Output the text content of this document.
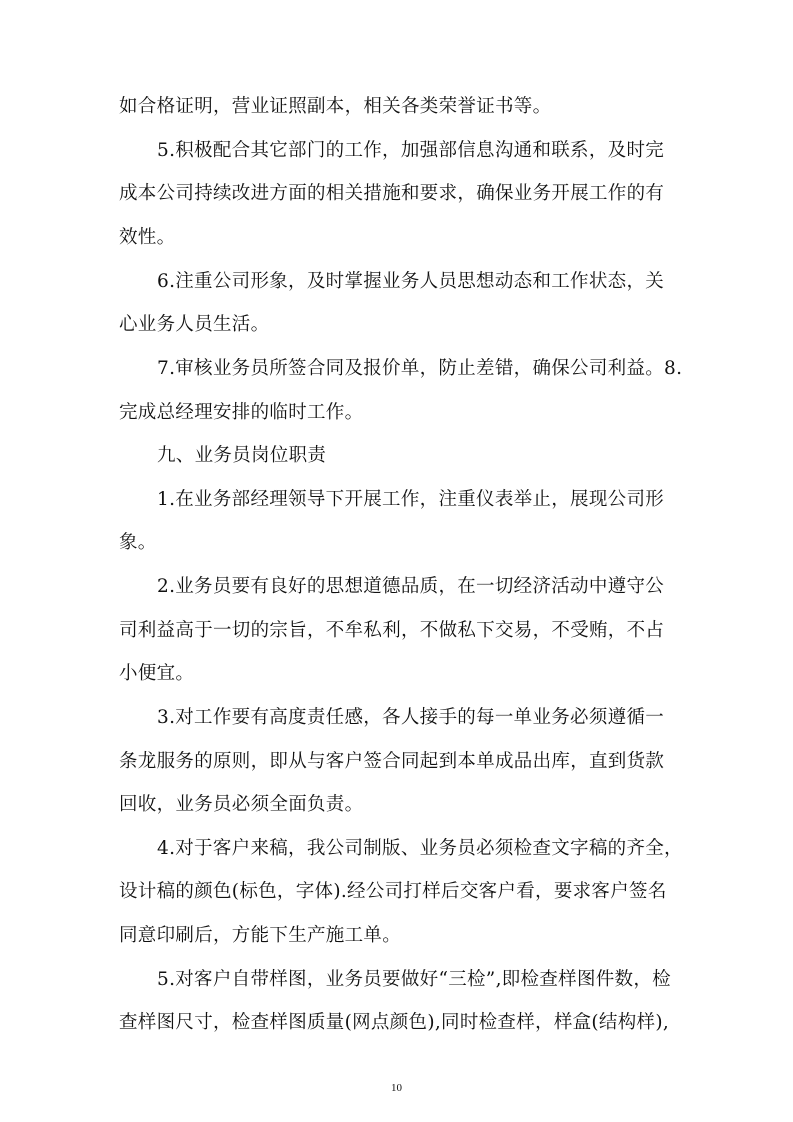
如合格证明，营业证照副本，相关各类荣誉证书等。
5.积极配合其它部门的工作，加强部信息沟通和联系，及时完
成本公司持续改进方面的相关措施和要求，确保业务开展工作的有
效性。
6.注重公司形象，及时掌握业务人员思想动态和工作状态，关
心业务人员生活。
7.审核业务员所签合同及报价单，防止差错，确保公司利益。8.
完成总经理安排的临时工作。
九、业务员岗位职责
1.在业务部经理领导下开展工作，注重仪表举止，展现公司形
象。
2.业务员要有良好的思想道德品质，在一切经济活动中遵守公
司利益高于一切的宗旨，不牟私利，不做私下交易，不受贿，不占
小便宜。
3.对工作要有高度责任感，各人接手的每一单业务必须遵循一
条龙服务的原则，即从与客户签合同起到本单成品出库，直到货款
回收，业务员必须全面负责。
4.对于客户来稿，我公司制版、业务员必须检查文字稿的齐全，
设计稿的颜色(标色，字体).经公司打样后交客户看，要求客户签名
同意印刷后，方能下生产施工单。
5.对客户自带样图，业务员要做好“三检”,即检查样图件数，检
查样图尺寸，检查样图质量(网点颜色),同时检查样，样盒(结构样),
10
